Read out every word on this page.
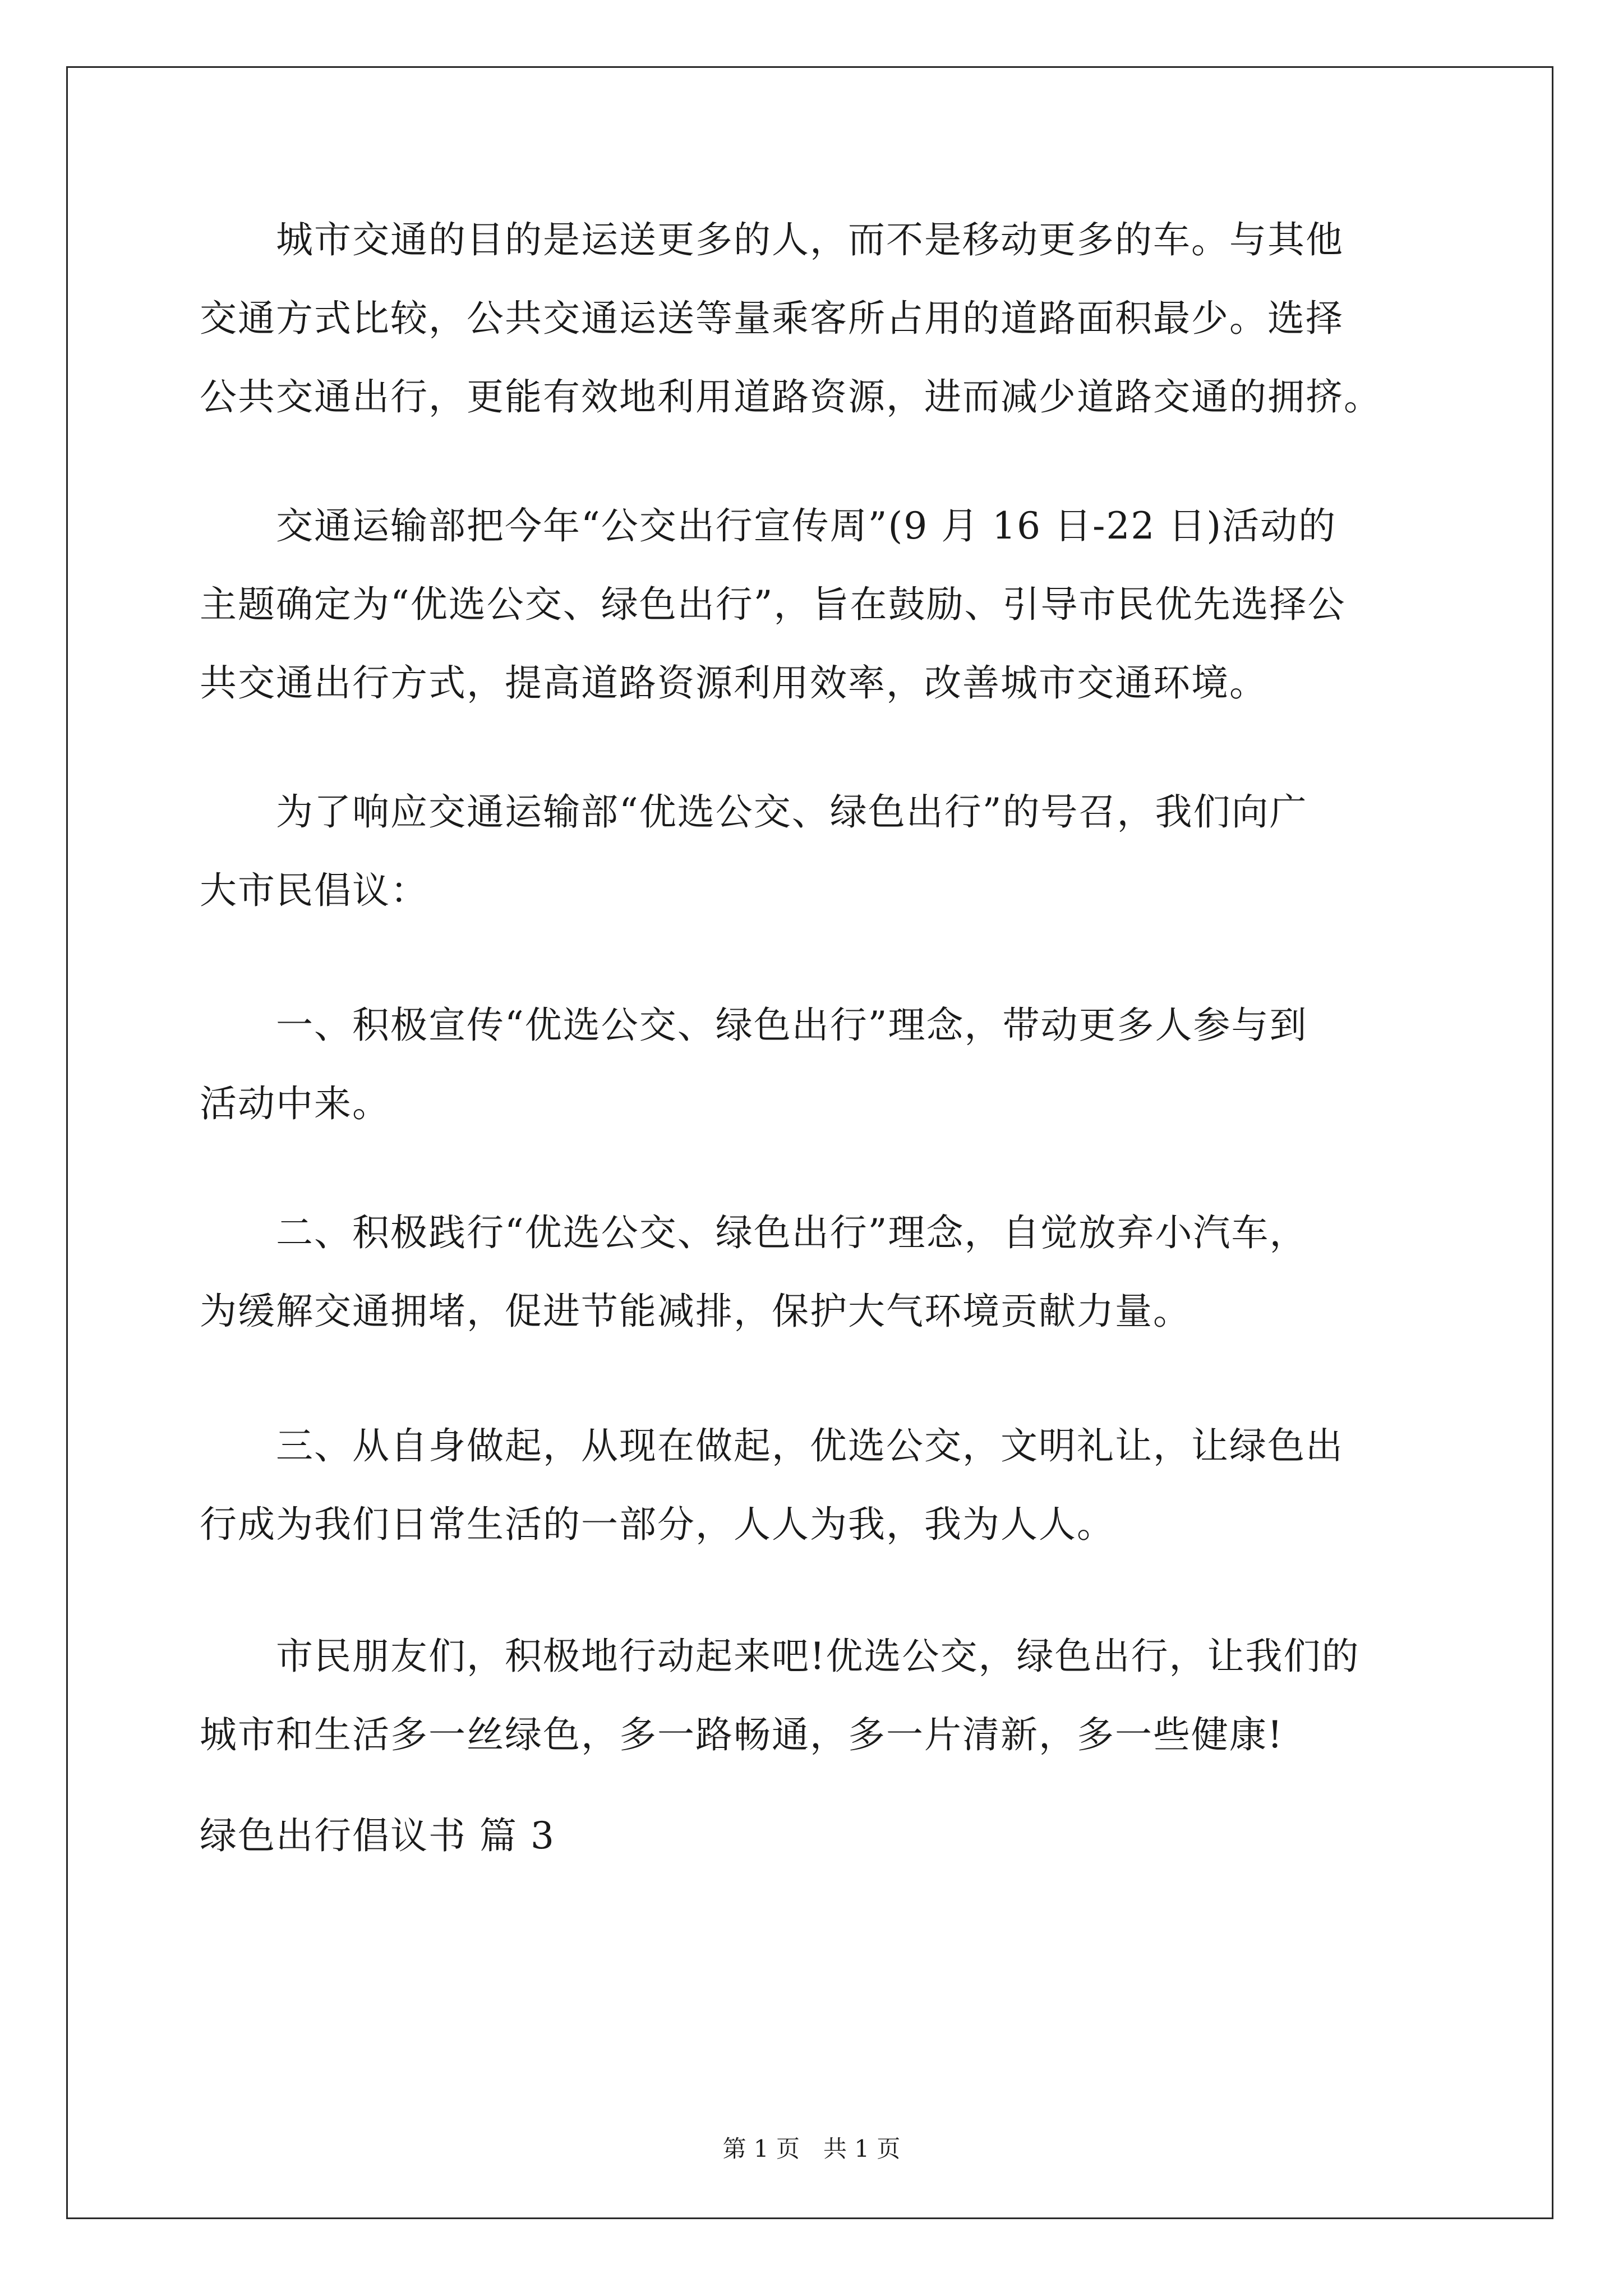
　　城市交通的目的是运送更多的人，而不是移动更多的车。与其他
交通方式比较，公共交通运送等量乘客所占用的道路面积最少。选择
公共交通出行，更能有效地利用道路资源，进而减少道路交通的拥挤。
　　交通运输部把今年“公交出行宣传周”(9 月 16 日-22 日)活动的
主题确定为“优选公交、绿色出行”，旨在鼓励、引导市民优先选择公
共交通出行方式，提高道路资源利用效率，改善城市交通环境。
　　为了响应交通运输部“优选公交、绿色出行”的号召，我们向广
大市民倡议：
　　一、积极宣传“优选公交、绿色出行”理念，带动更多人参与到
活动中来。
　　二、积极践行“优选公交、绿色出行”理念，自觉放弃小汽车，
为缓解交通拥堵，促进节能减排，保护大气环境贡献力量。
　　三、从自身做起，从现在做起，优选公交，文明礼让，让绿色出
行成为我们日常生活的一部分，人人为我，我为人人。
　　市民朋友们，积极地行动起来吧!优选公交，绿色出行，让我们的
城市和生活多一丝绿色，多一路畅通，多一片清新，多一些健康!
绿色出行倡议书 篇 3
第 1 页　共 1 页
